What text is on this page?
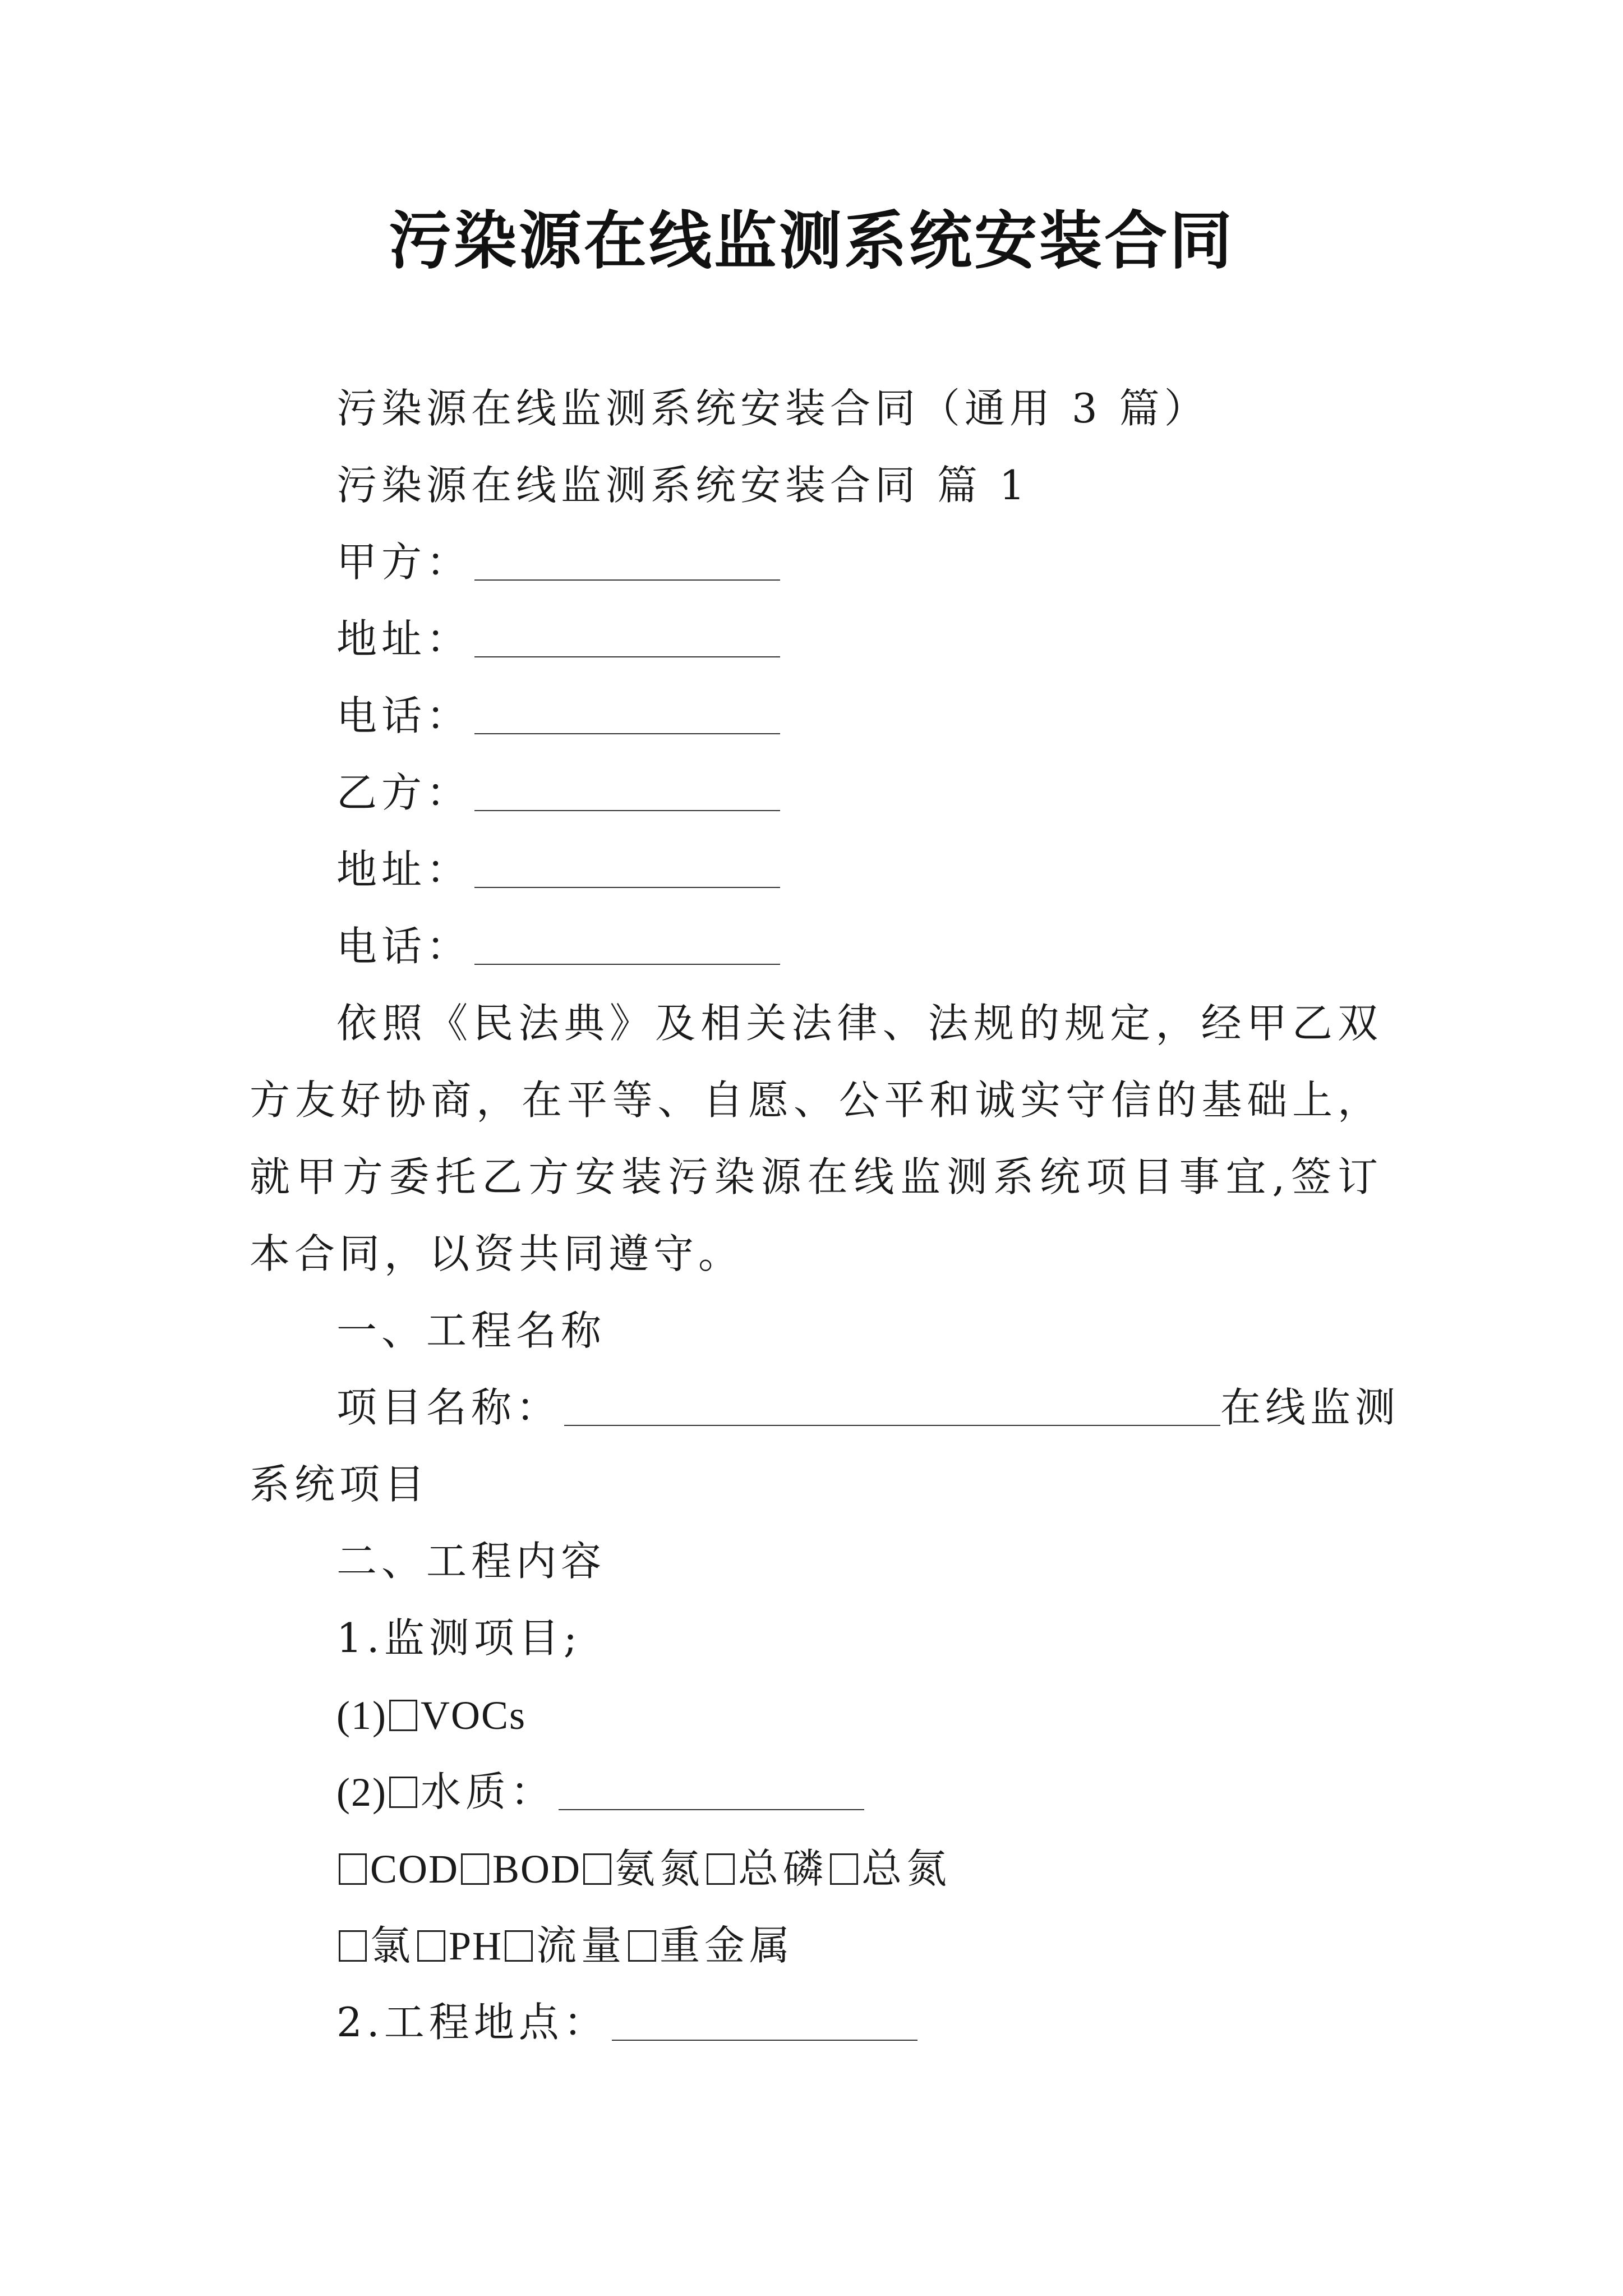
污染源在线监测系统安装合同
污染源在线监测系统安装合同（通用 3 篇）
污染源在线监测系统安装合同 篇 1
甲方：
地址：
电话：
乙方：
地址：
电话：
依照《民法典》及相关法律、法规的规定，经甲乙双方友好协商，在平等、自愿、公平和诚实守信的基础上，就甲方委托乙方安装污染源在线监测系统项目事宜,签订本合同，以资共同遵守。
一、工程名称
项目名称：	在线监测
系统项目
二、工程内容
1.监测项目;
(1) VOCs
(2) 水质：
COD BOD 氨氮 总磷 总氮
氯 PH 流量 重金属
2.工程地点：
